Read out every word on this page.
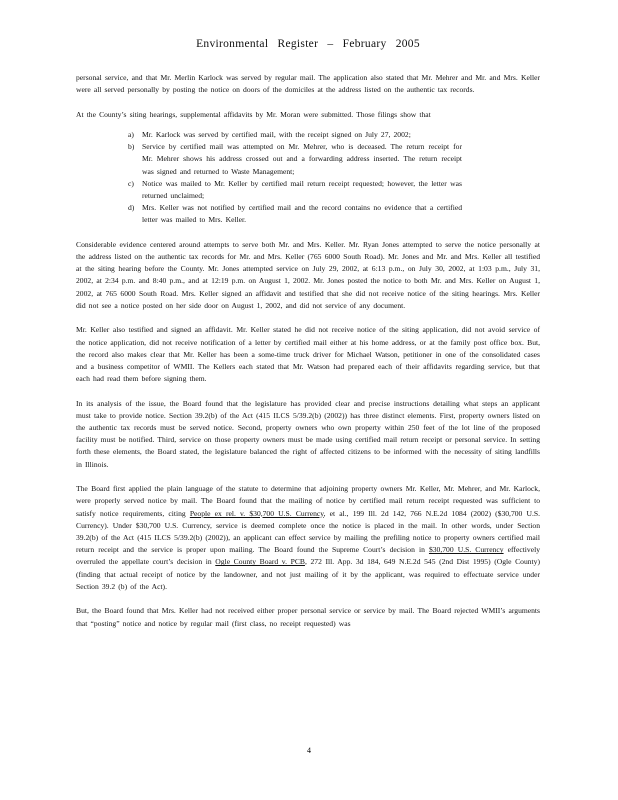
Environmental Register – February 2005

personal service, and that Mr. Merlin Karlock was served by regular mail. The application also stated that Mr. Mehrer and Mr. and Mrs. Keller were all served personally by posting the notice on doors of the domiciles at the address listed on the authentic tax records.

At the County’s siting hearings, supplemental affidavits by Mr. Moran were submitted. Those filings show that

a)	Mr. Karlock was served by certified mail, with the receipt signed on July 27, 2002;
b)	Service by certified mail was attempted on Mr. Mehrer, who is deceased. The return receipt for Mr. Mehrer shows his address crossed out and a forwarding address inserted. The return receipt was signed and returned to Waste Management;
c)	Notice was mailed to Mr. Keller by certified mail return receipt requested; however, the letter was returned unclaimed;
d)	Mrs. Keller was not notified by certified mail and the record contains no evidence that a certified letter was mailed to Mrs. Keller.

Considerable evidence centered around attempts to serve both Mr. and Mrs. Keller. Mr. Ryan Jones attempted to serve the notice personally at the address listed on the authentic tax records for Mr. and Mrs. Keller (765 6000 South Road). Mr. Jones and Mr. and Mrs. Keller all testified at the siting hearing before the County. Mr. Jones attempted service on July 29, 2002, at 6:13 p.m., on July 30, 2002, at 1:03 p.m., July 31, 2002, at 2:34 p.m. and 8:40 p.m., and at 12:19 p.m. on August 1, 2002. Mr. Jones posted the notice to both Mr. and Mrs. Keller on August 1, 2002, at 765 6000 South Road. Mrs. Keller signed an affidavit and testified that she did not receive notice of the siting hearings. Mrs. Keller did not see a notice posted on her side door on August 1, 2002, and did not service of any document.

Mr. Keller also testified and signed an affidavit. Mr. Keller stated he did not receive notice of the siting application, did not avoid service of the notice application, did not receive notification of a letter by certified mail either at his home address, or at the family post office box. But, the record also makes clear that Mr. Keller has been a some-time truck driver for Michael Watson, petitioner in one of the consolidated cases and a business competitor of WMII. The Kellers each stated that Mr. Watson had prepared each of their affidavits regarding service, but that each had read them before signing them.

In its analysis of the issue, the Board found that the legislature has provided clear and precise instructions detailing what steps an applicant must take to provide notice. Section 39.2(b) of the Act (415 ILCS 5/39.2(b) (2002)) has three distinct elements. First, property owners listed on the authentic tax records must be served notice. Second, property owners who own property within 250 feet of the lot line of the proposed facility must be notified. Third, service on those property owners must be made using certified mail return receipt or personal service. In setting forth these elements, the Board stated, the legislature balanced the right of affected citizens to be informed with the necessity of siting landfills in Illinois.

The Board first applied the plain language of the statute to determine that adjoining property owners Mr. Keller, Mr. Mehrer, and Mr. Karlock, were properly served notice by mail. The Board found that the mailing of notice by certified mail return receipt requested was sufficient to satisfy notice requirements, citing People ex rel. v. $30,700 U.S. Currency, et al., 199 Ill. 2d 142, 766 N.E.2d 1084 (2002) ($30,700 U.S. Currency). Under $30,700 U.S. Currency, service is deemed complete once the notice is placed in the mail. In other words, under Section 39.2(b) of the Act (415 ILCS 5/39.2(b) (2002)), an applicant can effect service by mailing the prefiling notice to property owners certified mail return receipt and the service is proper upon mailing. The Board found the Supreme Court’s decision in $30,700 U.S. Currency effectively overruled the appellate court’s decision in Ogle County Board v. PCB, 272 Ill. App. 3d 184, 649 N.E.2d 545 (2nd Dist 1995) (Ogle County) (finding that actual receipt of notice by the landowner, and not just mailing of it by the applicant, was required to effectuate service under Section 39.2 (b) of the Act).

But, the Board found that Mrs. Keller had not received either proper personal service or service by mail. The Board rejected WMII’s arguments that “posting” notice and notice by regular mail (first class, no receipt requested) was

4
